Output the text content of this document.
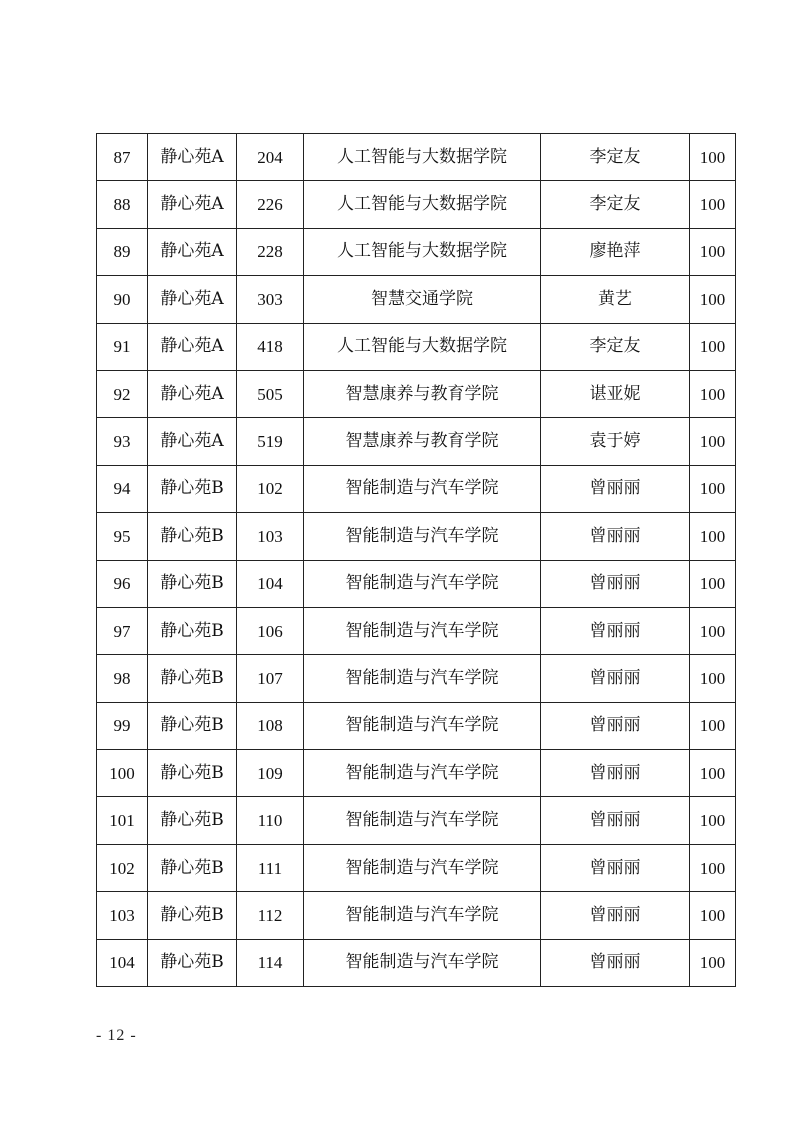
87	静心苑A	204	人工智能与大数据学院	李定友	100
88	静心苑A	226	人工智能与大数据学院	李定友	100
89	静心苑A	228	人工智能与大数据学院	廖艳萍	100
90	静心苑A	303	智慧交通学院	黄艺	100
91	静心苑A	418	人工智能与大数据学院	李定友	100
92	静心苑A	505	智慧康养与教育学院	谌亚妮	100
93	静心苑A	519	智慧康养与教育学院	袁于婷	100
94	静心苑B	102	智能制造与汽车学院	曾丽丽	100
95	静心苑B	103	智能制造与汽车学院	曾丽丽	100
96	静心苑B	104	智能制造与汽车学院	曾丽丽	100
97	静心苑B	106	智能制造与汽车学院	曾丽丽	100
98	静心苑B	107	智能制造与汽车学院	曾丽丽	100
99	静心苑B	108	智能制造与汽车学院	曾丽丽	100
100	静心苑B	109	智能制造与汽车学院	曾丽丽	100
101	静心苑B	110	智能制造与汽车学院	曾丽丽	100
102	静心苑B	111	智能制造与汽车学院	曾丽丽	100
103	静心苑B	112	智能制造与汽车学院	曾丽丽	100
104	静心苑B	114	智能制造与汽车学院	曾丽丽	100
- 12 -
